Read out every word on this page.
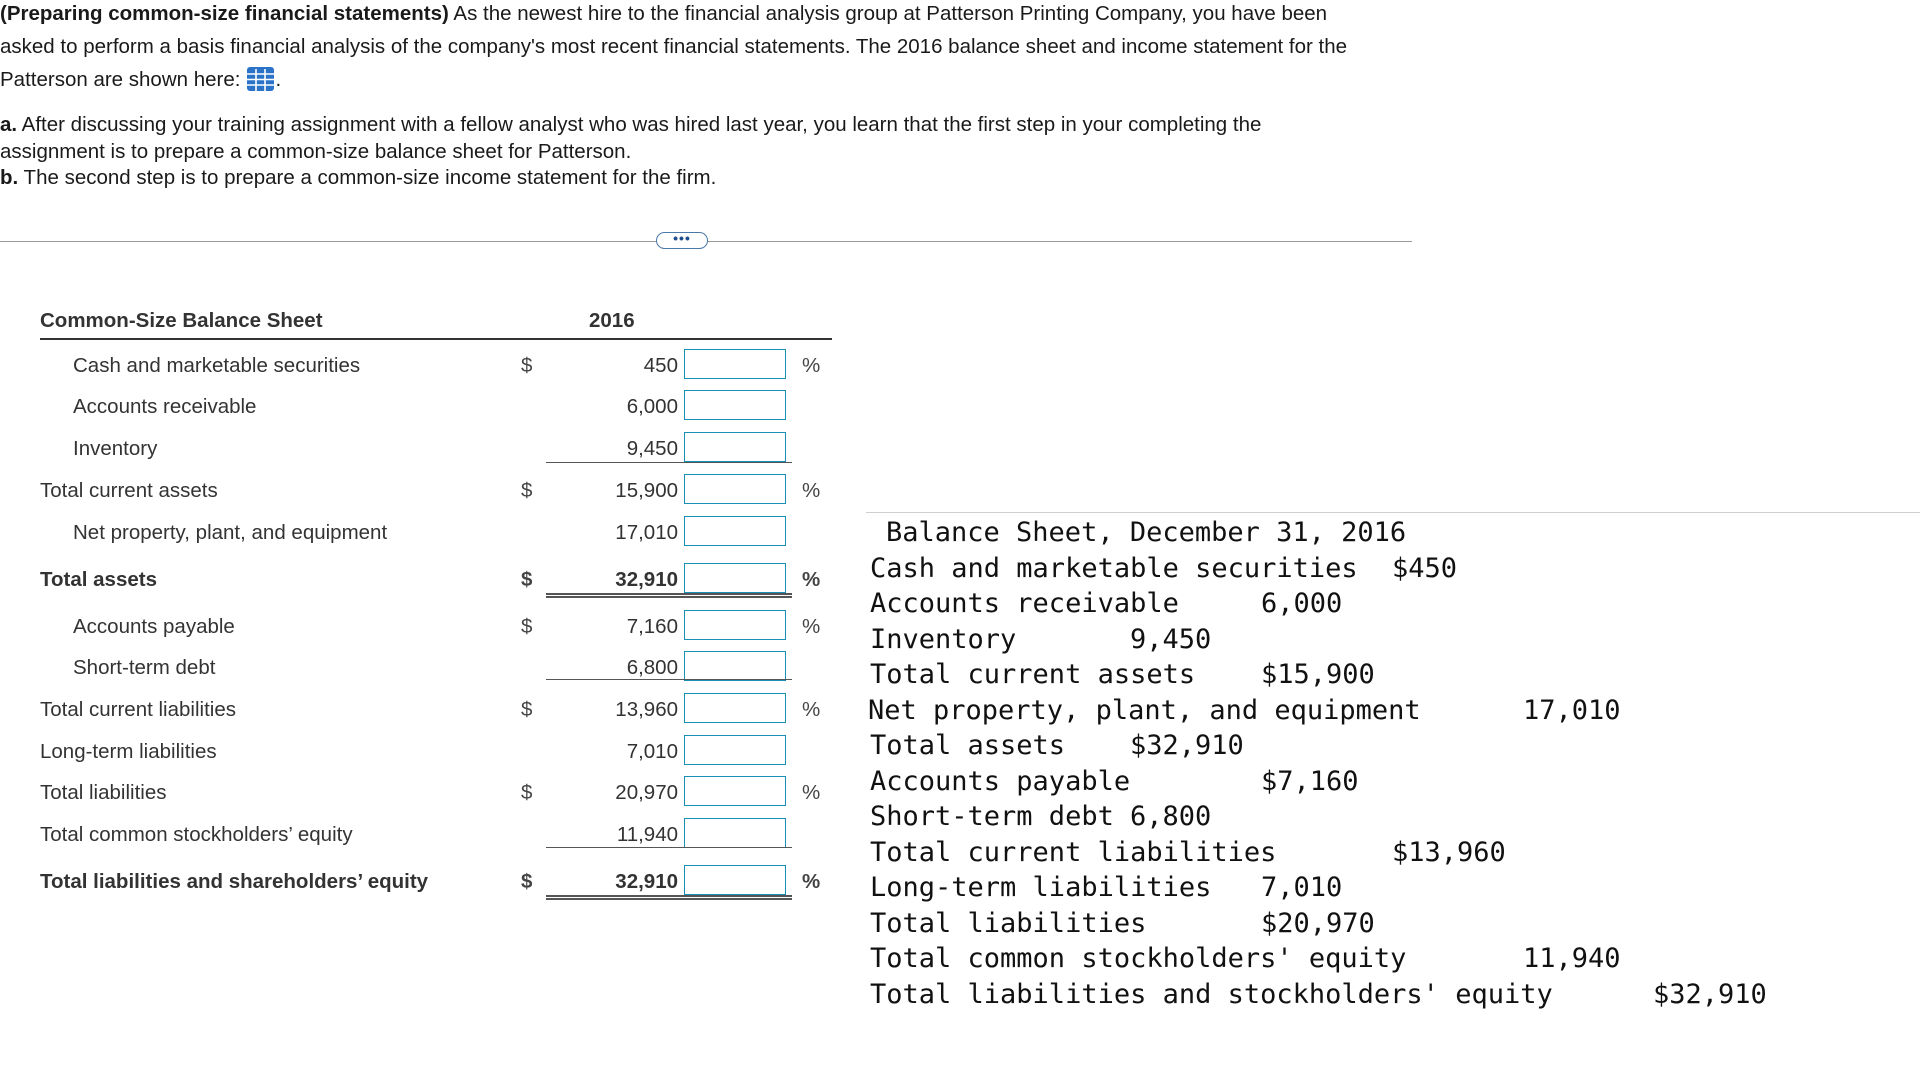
(Preparing common-size financial statements) As the newest hire to the financial analysis group at Patterson Printing Company, you have been
asked to perform a basis financial analysis of the company's most recent financial statements. The 2016 balance sheet and income statement for the
Patterson are shown here: .
a. After discussing your training assignment with a fellow analyst who was hired last year, you learn that the first step in your completing the
assignment is to prepare a common-size balance sheet for Patterson.
b. The second step is to prepare a common-size income statement for the firm.
•••
Common-Size Balance Sheet	2016
Cash and marketable securities	$	450	%
Accounts receivable	6,000
Inventory	9,450
Total current assets	$	15,900	%
Net property, plant, and equipment	17,010
Total assets	$	32,910	%
Accounts payable	$	7,160	%
Short-term debt	6,800
Total current liabilities	$	13,960	%
Long-term liabilities	7,010
Total liabilities	$	20,970	%
Total common stockholders’ equity	11,940
Total liabilities and shareholders’ equity	$	32,910	%
Balance Sheet, December 31, 2016
Cash and marketable securities $450
Accounts receivable	6,000
Inventory	9,450
Total current assets $15,900
Net property, plant, and equipment	17,010
Total assets $32,910
Accounts payable	$7,160
Short-term debt 6,800
Total current liabilities	$13,960
Long-term liabilities 7,010
Total liabilities	$20,970
Total common stockholders' equity	11,940
Total liabilities and stockholders' equity	$32,910
